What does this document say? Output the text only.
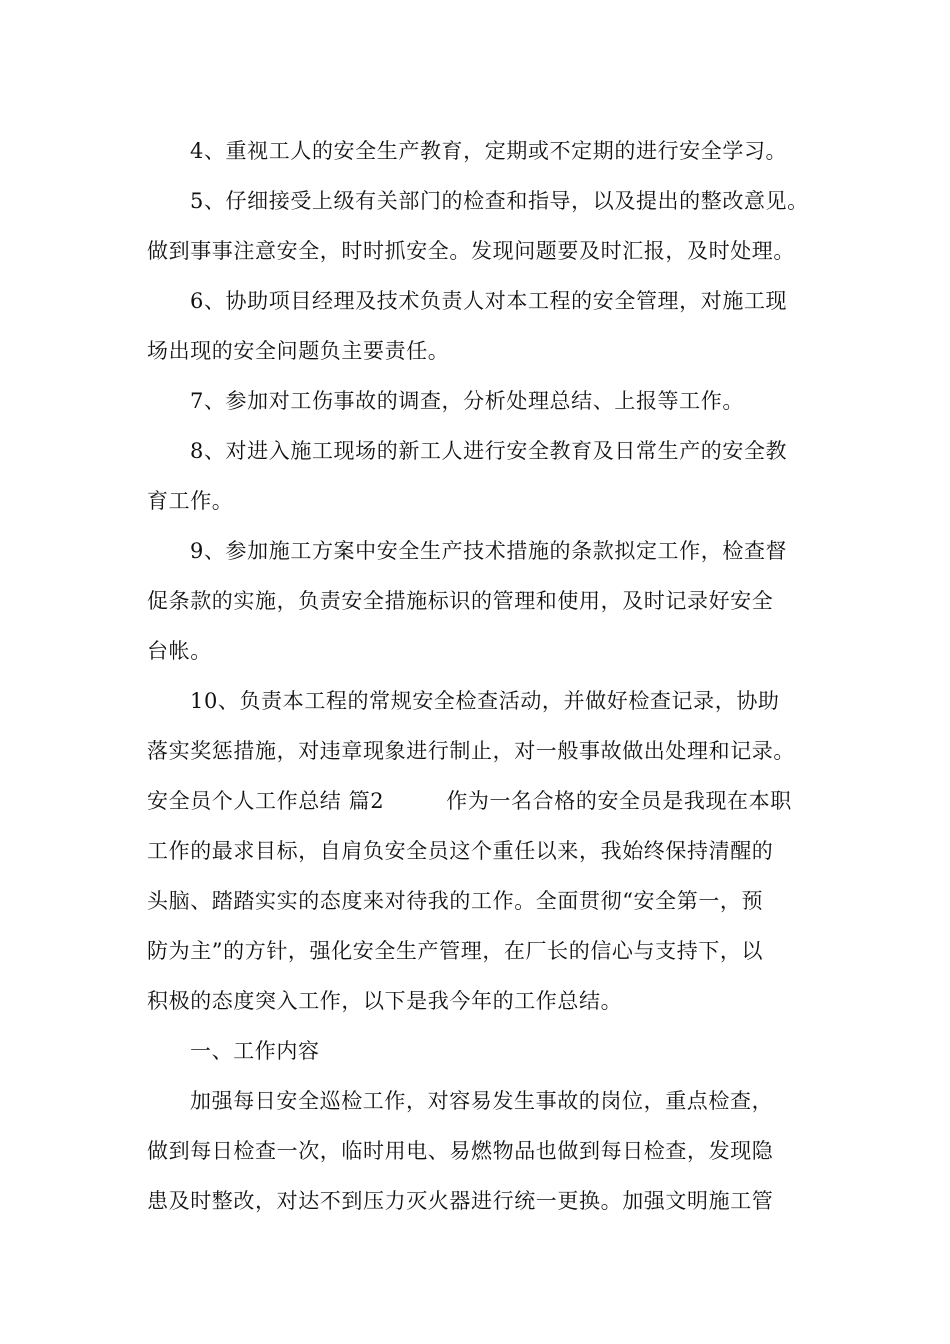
4、重视工人的安全生产教育，定期或不定期的进行安全学习。
5、仔细接受上级有关部门的检查和指导，以及提出的整改意见。
做到事事注意安全，时时抓安全。发现问题要及时汇报，及时处理。
6、协助项目经理及技术负责人对本工程的安全管理，对施工现
场出现的安全问题负主要责任。
7、参加对工伤事故的调查，分析处理总结、上报等工作。
8、对进入施工现场的新工人进行安全教育及日常生产的安全教
育工作。
9、参加施工方案中安全生产技术措施的条款拟定工作，检查督
促条款的实施，负责安全措施标识的管理和使用，及时记录好安全
台帐。
10、负责本工程的常规安全检查活动，并做好检查记录，协助
落实奖惩措施，对违章现象进行制止，对一般事故做出处理和记录。
安全员个人工作总结 篇2	作为一名合格的安全员是我现在本职
工作的最求目标，自肩负安全员这个重任以来，我始终保持清醒的
头脑、踏踏实实的态度来对待我的工作。全面贯彻“安全第一，预
防为主”的方针，强化安全生产管理，在厂长的信心与支持下，以
积极的态度突入工作，以下是我今年的工作总结。
一、工作内容
加强每日安全巡检工作，对容易发生事故的岗位，重点检查，
做到每日检查一次，临时用电、易燃物品也做到每日检查，发现隐
患及时整改，对达不到压力灭火器进行统一更换。加强文明施工管
